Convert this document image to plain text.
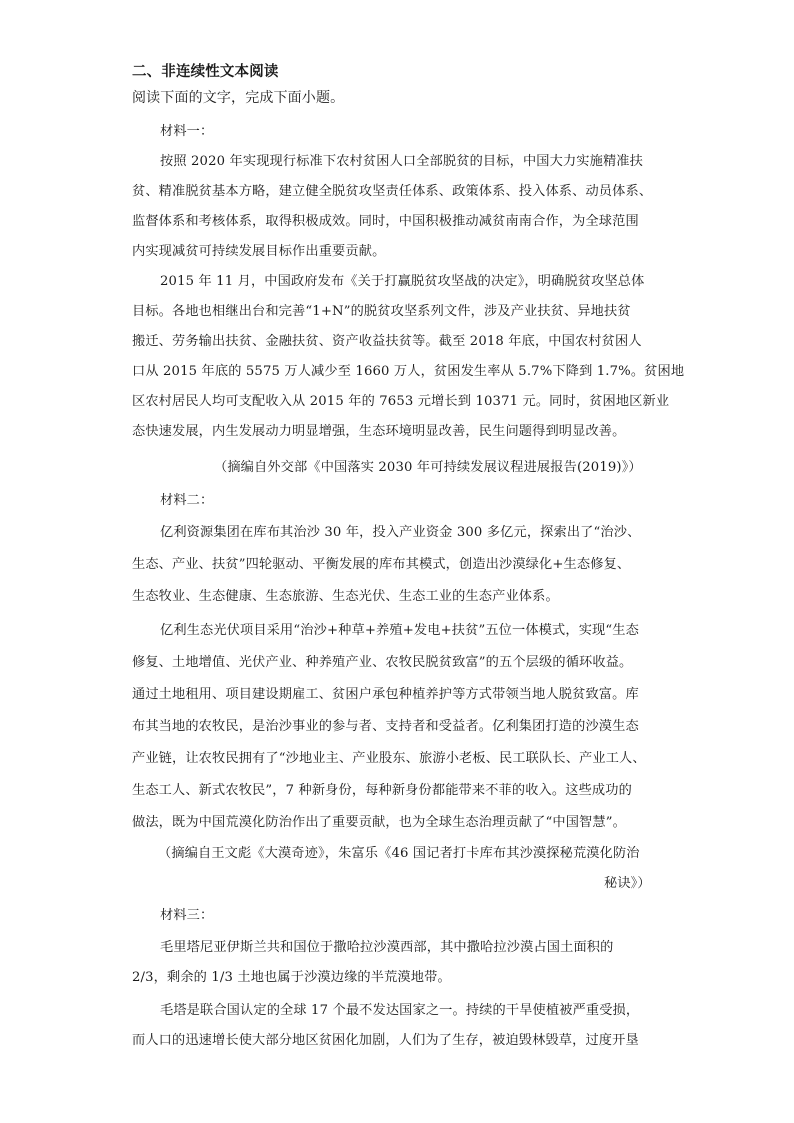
二、非连续性文本阅读
阅读下面的文字，完成下面小题。
材料一：
按照 2020 年实现现行标准下农村贫困人口全部脱贫的目标，中国大力实施精准扶
贫、精准脱贫基本方略，建立健全脱贫攻坚责任体系、政策体系、投入体系、动员体系、
监督体系和考核体系，取得积极成效。同时，中国积极推动减贫南南合作，为全球范围
内实现减贫可持续发展目标作出重要贡献。
2015 年 11 月，中国政府发布《关于打赢脱贫攻坚战的决定》，明确脱贫攻坚总体
目标。各地也相继出台和完善“1+N”的脱贫攻坚系列文件，涉及产业扶贫、异地扶贫
搬迁、劳务输出扶贫、金融扶贫、资产收益扶贫等。截至 2018 年底，中国农村贫困人
口从 2015 年底的 5575 万人减少至 1660 万人，贫困发生率从 5.7%下降到 1.7%。贫困地
区农村居民人均可支配收入从 2015 年的 7653 元增长到 10371 元。同时，贫困地区新业
态快速发展，内生发展动力明显增强，生态环境明显改善，民生问题得到明显改善。
（摘编自外交部《中国落实 2030 年可持续发展议程进展报告(2019)》）
材料二：
亿利资源集团在库布其治沙 30 年，投入产业资金 300 多亿元，探索出了“治沙、
生态、产业、扶贫”四轮驱动、平衡发展的库布其模式，创造出沙漠绿化+生态修复、
生态牧业、生态健康、生态旅游、生态光伏、生态工业的生态产业体系。
亿利生态光伏项目采用“治沙+种草+养殖+发电+扶贫”五位一体模式，实现“生态
修复、土地增值、光伏产业、种养殖产业、农牧民脱贫致富”的五个层级的循环收益。
通过土地租用、项目建设期雇工、贫困户承包种植养护等方式带领当地人脱贫致富。库
布其当地的农牧民，是治沙事业的参与者、支持者和受益者。亿利集团打造的沙漠生态
产业链，让农牧民拥有了“沙地业主、产业股东、旅游小老板、民工联队长、产业工人、
生态工人、新式农牧民”，7 种新身份，每种新身份都能带来不菲的收入。这些成功的
做法，既为中国荒漠化防治作出了重要贡献，也为全球生态治理贡献了“中国智慧”。
（摘编自王文彪《大漠奇迹》，朱富乐《46 国记者打卡库布其沙漠探秘荒漠化防治
秘诀》）
材料三：
毛里塔尼亚伊斯兰共和国位于撒哈拉沙漠西部，其中撒哈拉沙漠占国土面积的
2/3，剩余的 1/3 土地也属于沙漠边缘的半荒漠地带。
毛塔是联合国认定的全球 17 个最不发达国家之一。持续的干旱使植被严重受损，
而人口的迅速增长使大部分地区贫困化加剧，人们为了生存，被迫毁林毁草，过度开垦
